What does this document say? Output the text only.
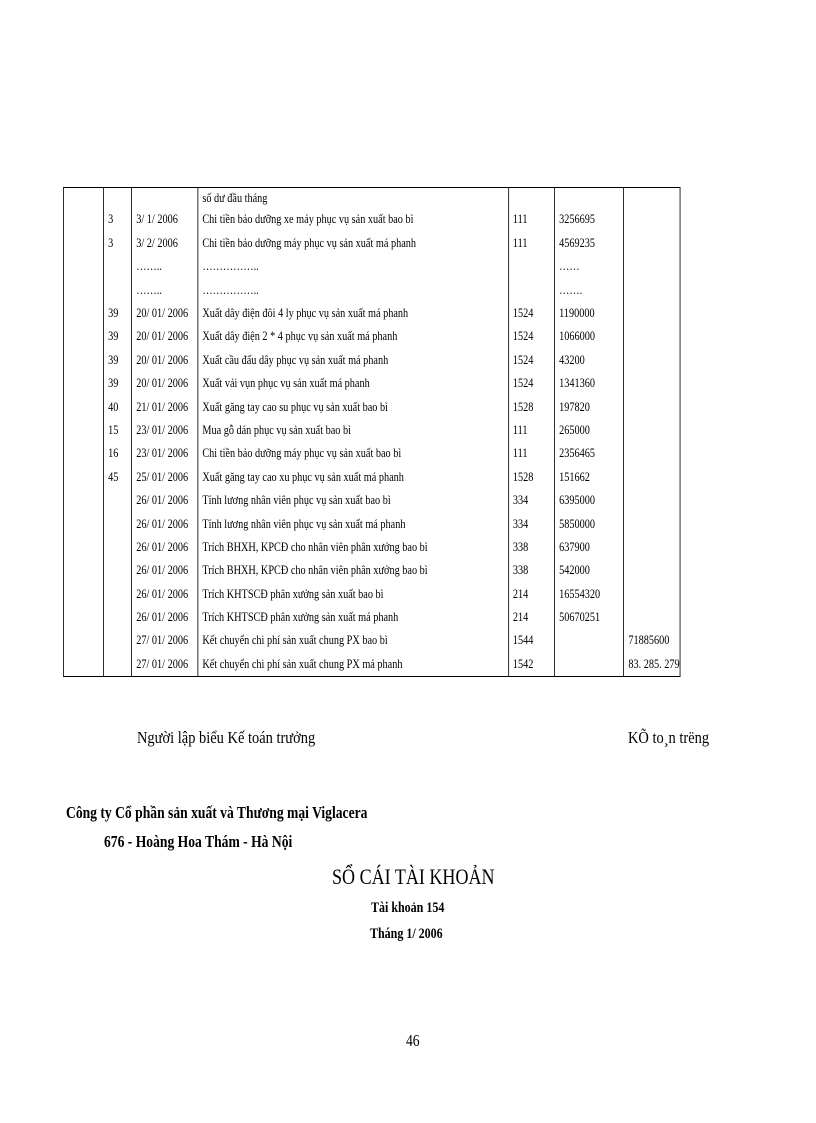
			số dư đầu tháng			
	3	3/ 1/ 2006	Chi tiền bảo dưỡng xe máy phục vụ sản xuất bao bì	111	3256695	
	3	3/ 2/ 2006	Chi tiền bảo dưỡng máy phục vụ sản xuất má phanh	111	4569235	
		……..	……………..		……	
		……..	……………..		…….	
	39	20/ 01/ 2006	Xuất dây điện đôi 4 ly phục vụ sản xuất má phanh	1524	1190000	
	39	20/ 01/ 2006	Xuất dây điện 2 * 4 phục vụ sản xuất má phanh	1524	1066000	
	39	20/ 01/ 2006	Xuất cầu đấu dây phục vụ sản xuất má phanh	1524	43200	
	39	20/ 01/ 2006	Xuất vải vụn phục vụ sản xuất má phanh	1524	1341360	
	40	21/ 01/ 2006	Xuất găng tay cao su phục vụ sản xuất bao bì	1528	197820	
	15	23/ 01/ 2006	Mua gỗ dán phục vụ sản xuất bao bì	111	265000	
	16	23/ 01/ 2006	Chi tiền bảo dưỡng máy phục vụ sản xuất bao bì	111	2356465	
	45	25/ 01/ 2006	Xuất găng tay cao xu phục vụ sản xuất má phanh	1528	151662	
		26/ 01/ 2006	Tính lương nhân viên phục vụ sản xuất bao bì	334	6395000	
		26/ 01/ 2006	Tính lương nhân viên phục vụ sản xuất má phanh	334	5850000	
		26/ 01/ 2006	Trích BHXH, KPCĐ cho nhân viên phân xưởng bao bì	338	637900	
		26/ 01/ 2006	Trích BHXH, KPCĐ cho nhân viên phân xưởng bao bì	338	542000	
		26/ 01/ 2006	Trích KHTSCĐ phân xưởng sản xuất bao bì	214	16554320	
		26/ 01/ 2006	Trích KHTSCĐ phân xưởng sản xuất má phanh	214	50670251	
		27/ 01/ 2006	Kết chuyển chi phí sản xuất chung PX bao bì	1544		71885600
		27/ 01/ 2006	Kết chuyển chi phí sản xuất chung PX má phanh	1542		83. 285. 279
Người lập biểu Kế toán trưởng	KÕ to¸n trëng
Công ty Cổ phần sản xuất và Thương mại Viglacera
676 - Hoàng Hoa Thám - Hà Nội
SỔ CÁI TÀI KHOẢN
Tài khoản 154
Tháng 1/ 2006
46
